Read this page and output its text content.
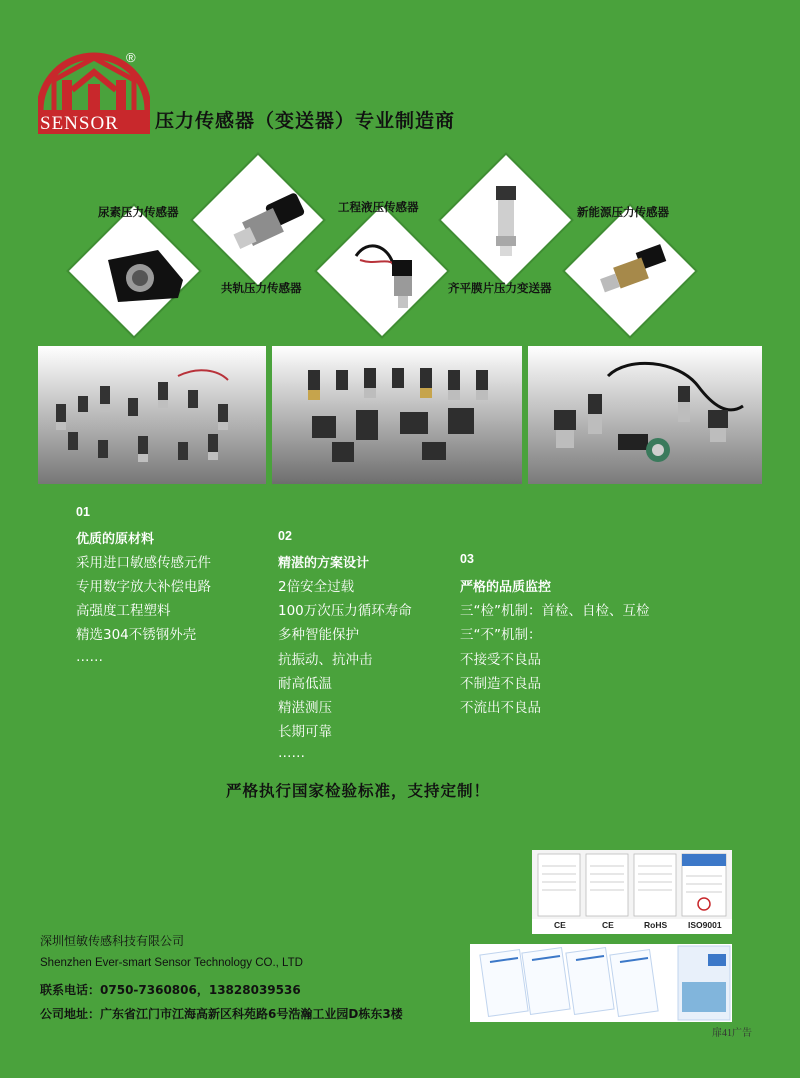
SENSOR
®
压力传感器（变送器）专业制造商
尿素压力传感器
共轨压力传感器
工程液压传感器
齐平膜片压力变送器
新能源压力传感器
01
优质的原材料
采用进口敏感传感元件
专用数字放大补偿电路
高强度工程塑料
精选304不锈钢外壳
……
02
精湛的方案设计
2倍安全过载
100万次压力循环寿命
多种智能保护
抗振动、抗冲击
耐高低温
精湛测压
长期可靠
……
03
严格的品质监控
三“检”机制：首检、自检、互检
三“不”机制：
不接受不良品
不制造不良品
不流出不良品
严格执行国家检验标准，支持定制！
CE	CE	RoHS ISO9001
扉41广告
深圳恒敏传感科技有限公司
Shenzhen Ever-smart Sensor Technology CO., LTD
联系电话：0750-7360806，13828039536
公司地址：广东省江门市江海高新区科苑路6号浩瀚工业园D栋东3楼
